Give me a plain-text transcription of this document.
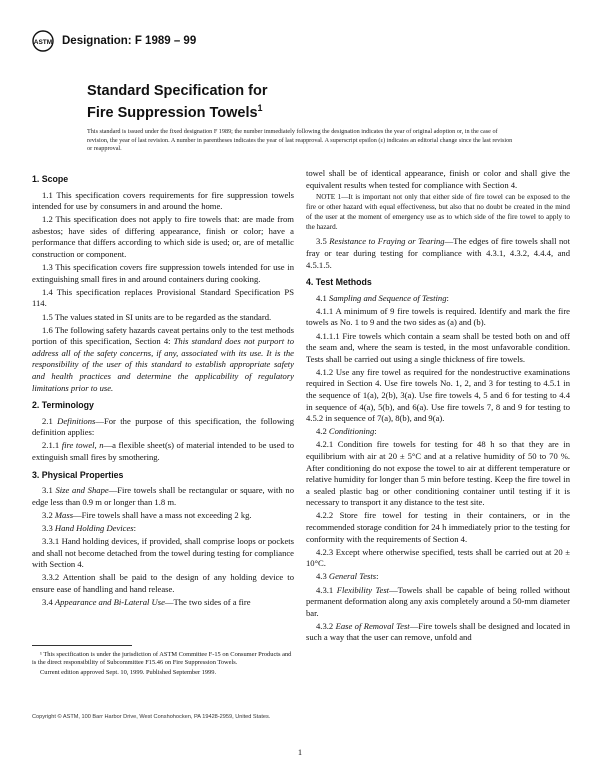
ASTM Designation: F 1989 – 99
Standard Specification for
Fire Suppression Towels$^1$
This standard is issued under the fixed designation F 1989; the number immediately following the designation indicates the year of original adoption or, in the case of revision, the year of last revision. A number in parentheses indicates the year of last reapproval. A superscript epsilon (ε) indicates an editorial change since the last revision or reapproval.
1. Scope

1.1 This specification covers requirements for fire suppression towels intended for use by consumers in and around the home.

1.2 This specification does not apply to fire towels that: are made from asbestos; have sides of differing appearance, finish or color; have a performance that differs according to which side is used; or, are of metallic construction or component.

1.3 This specification covers fire suppression towels intended for use in extinguishing small fires in and around containers during cooking.

1.4 This specification replaces Provisional Standard Specification PS 114.

1.5 The values stated in SI units are to be regarded as the standard.

1.6 The following safety hazards caveat pertains only to the test methods portion of this specification, Section 4: This standard does not purport to address all of the safety concerns, if any, associated with its use. It is the responsibility of the user of this standard to establish appropriate safety and health practices and determine the applicability of regulatory limitations prior to use.

2. Terminology

2.1 Definitions—For the purpose of this specification, the following definition applies:

2.1.1 fire towel, n—a flexible sheet(s) of material intended to be used to extinguish small fires by smothering.

3. Physical Properties

3.1 Size and Shape—Fire towels shall be rectangular or square, with no edge less than 0.9 m or longer than 1.8 m.

3.2 Mass—Fire towels shall have a mass not exceeding 2 kg.

3.3 Hand Holding Devices:

3.3.1 Hand holding devices, if provided, shall comprise loops or pockets and shall not become detached from the towel during testing for compliance with Section 4.

3.3.2 Attention shall be paid to the design of any holding device to ensure ease of handling and hand release.

3.4 Appearance and Bi-Lateral Use—The two sides of a fire

¹ This specification is under the jurisdiction of ASTM Committee F-15 on Consumer Products and is the direct responsibility of Subcommittee F15.46 on Fire Suppression Towels.

Current edition approved Sept. 10, 1999. Published September 1999.

towel shall be of identical appearance, finish or color and shall give the equivalent results when tested for compliance with Section 4.

NOTE 1—It is important not only that either side of fire towel can be exposed to the fire or other hazard with equal effectiveness, but also that no doubt be created in the mind of the user at the moment of emergency use as to which side of the fire towel to apply to the hazard.

3.5 Resistance to Fraying or Tearing—The edges of fire towels shall not fray or tear during testing for compliance with 4.3.1, 4.3.2, 4.4.4, and 4.5.1.5.

4. Test Methods

4.1 Sampling and Sequence of Testing:

4.1.1 A minimum of 9 fire towels is required. Identify and mark the fire towels as No. 1 to 9 and the two sides as (a) and (b).

4.1.1.1 Fire towels which contain a seam shall be tested both on and off the seam and, where the seam is tested, in the most unfavorable condition. Tests shall be carried out using a single thickness of fire towels.

4.1.2 Use any fire towel as required for the nondestructive examinations required in Section 4. Use fire towels No. 1, 2, and 3 for testing to 4.5.1 in the sequence of 1(a), 2(b), 3(a). Use fire towels 4, 5 and 6 for testing to 4.4 in sequence of 4(a), 5(b), and 6(a). Use fire towels 7, 8 and 9 for testing to 4.5.2 in sequence of 7(a), 8(b), and 9(a).

4.2 Conditioning:

4.2.1 Condition fire towels for testing for 48 h so that they are in equilibrium with air at 20 ± 5°C and at a relative humidity of 50 to 70 %. After conditioning do not expose the towel to air at different temperature or relative humidity for longer than 5 min before testing. Keep the fire towel in a sealed plastic bag or other conditioning container until testing if it is necessary to transport it any distance to the test site.

4.2.2 Store fire towel for testing in their containers, or in the recommended storage condition for 24 h immediately prior to the testing for conformity with the requirements of Section 4.

4.2.3 Except where otherwise specified, tests shall be carried out at 20 ± 10°C.

4.3 General Tests:

4.3.1 Flexibility Test—Towels shall be capable of being rolled without permanent deformation along any axis completely around a 50-mm diameter bar.

4.3.2 Ease of Removal Test—Fire towels shall be designed and located in such a way that the user can remove, unfold and

Copyright © ASTM, 100 Barr Harbor Drive, West Conshohocken, PA 19428-2959, United States.
1
